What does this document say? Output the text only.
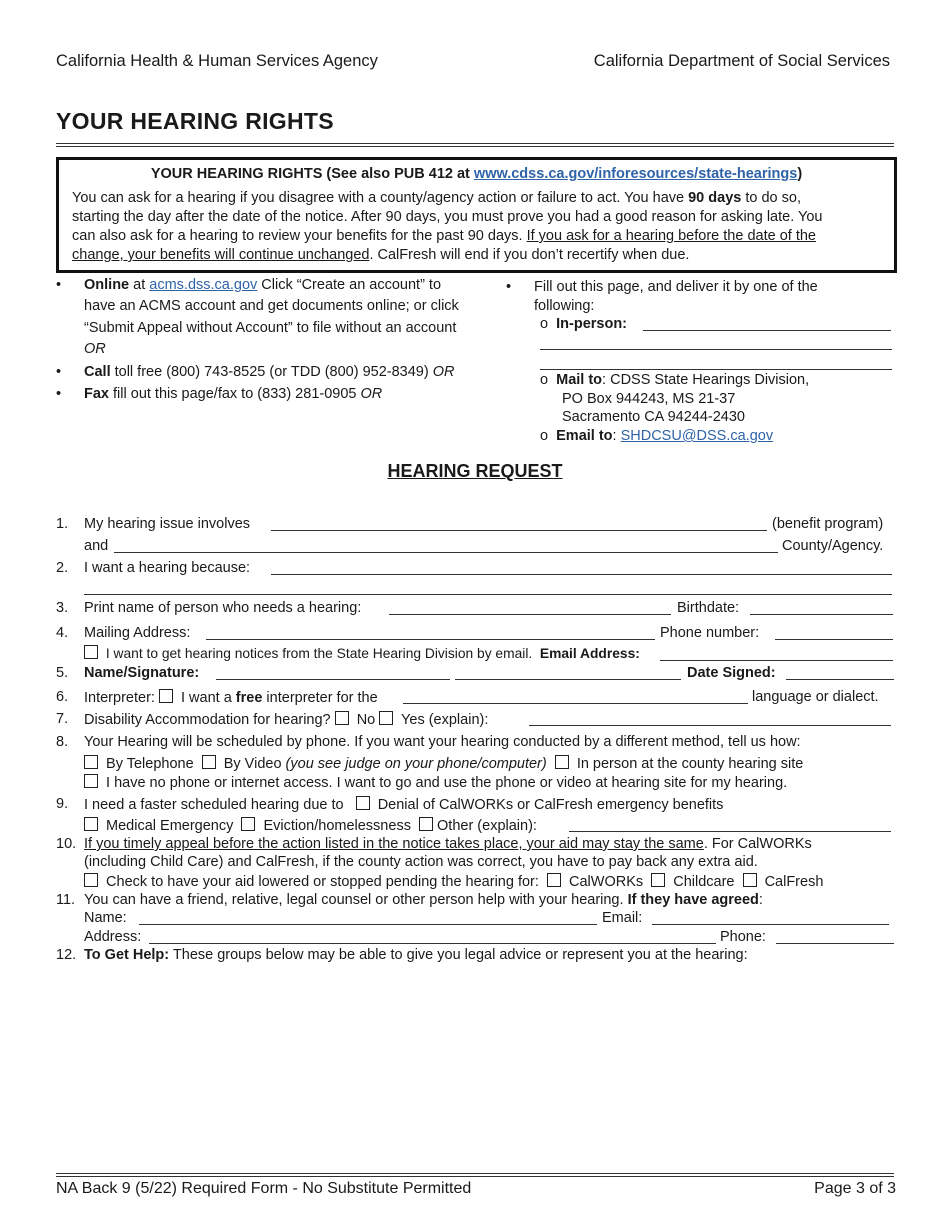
California Health & Human Services Agency	California Department of Social Services
YOUR HEARING RIGHTS
YOUR HEARING RIGHTS (See also PUB 412 at www.cdss.ca.gov/inforesources/state-hearings)
You can ask for a hearing if you disagree with a county/agency action or failure to act. You have 90 days to do so,
starting the day after the date of the notice. After 90 days, you must prove you had a good reason for asking late. You
can also ask for a hearing to review your benefits for the past 90 days. If you ask for a hearing before the date of the
change, your benefits will continue unchanged. CalFresh will end if you don’t recertify when due.
• Online at acms.dss.ca.gov Click “Create an account” to
have an ACMS account and get documents online; or click
“Submit Appeal without Account” to file without an account
OR
• Call toll free (800) 743-8525 (or TDD (800) 952-8349) OR
• Fax fill out this page/fax to (833) 281-0905 OR
• Fill out this page, and deliver it by one of the
following:
o  In-person:
o  Mail to: CDSS State Hearings Division,
PO Box 944243, MS 21-37
Sacramento CA 94244-2430
o  Email to: SHDCSU@DSS.ca.gov
HEARING REQUEST
1. My hearing issue involves	(benefit program)
and	County/Agency.
2. I want a hearing because:
3. Print name of person who needs a hearing:	Birthdate:
4. Mailing Address:	Phone number:
I want to get hearing notices from the State Hearing Division by email. Email Address:
5. Name/Signature:	Date Signed:
6. Interpreter:  I want a free interpreter for the	language or dialect.
7. Disability Accommodation for hearing? No Yes (explain):
8. Your Hearing will be scheduled by phone. If you want your hearing conducted by a different method, tell us how:
By Telephone By Video (you see judge on your phone/computer) In person at the county hearing site
I have no phone or internet access. I want to go and use the phone or video at hearing site for my hearing.
9. I need a faster scheduled hearing due to Denial of CalWORKs or CalFresh emergency benefits
Medical Emergency Eviction/homelessness Other (explain):
10. If you timely appeal before the action listed in the notice takes place, your aid may stay the same. For CalWORKs
(including Child Care) and CalFresh, if the county action was correct, you have to pay back any extra aid.
Check to have your aid lowered or stopped pending the hearing for: CalWORKs Childcare CalFresh
11. You can have a friend, relative, legal counsel or other person help with your hearing. If they have agreed:
Name:	Email:
Address:	Phone:
12. To Get Help: These groups below may be able to give you legal advice or represent you at the hearing:
NA Back 9 (5/22) Required Form - No Substitute Permitted	Page 3 of 3
